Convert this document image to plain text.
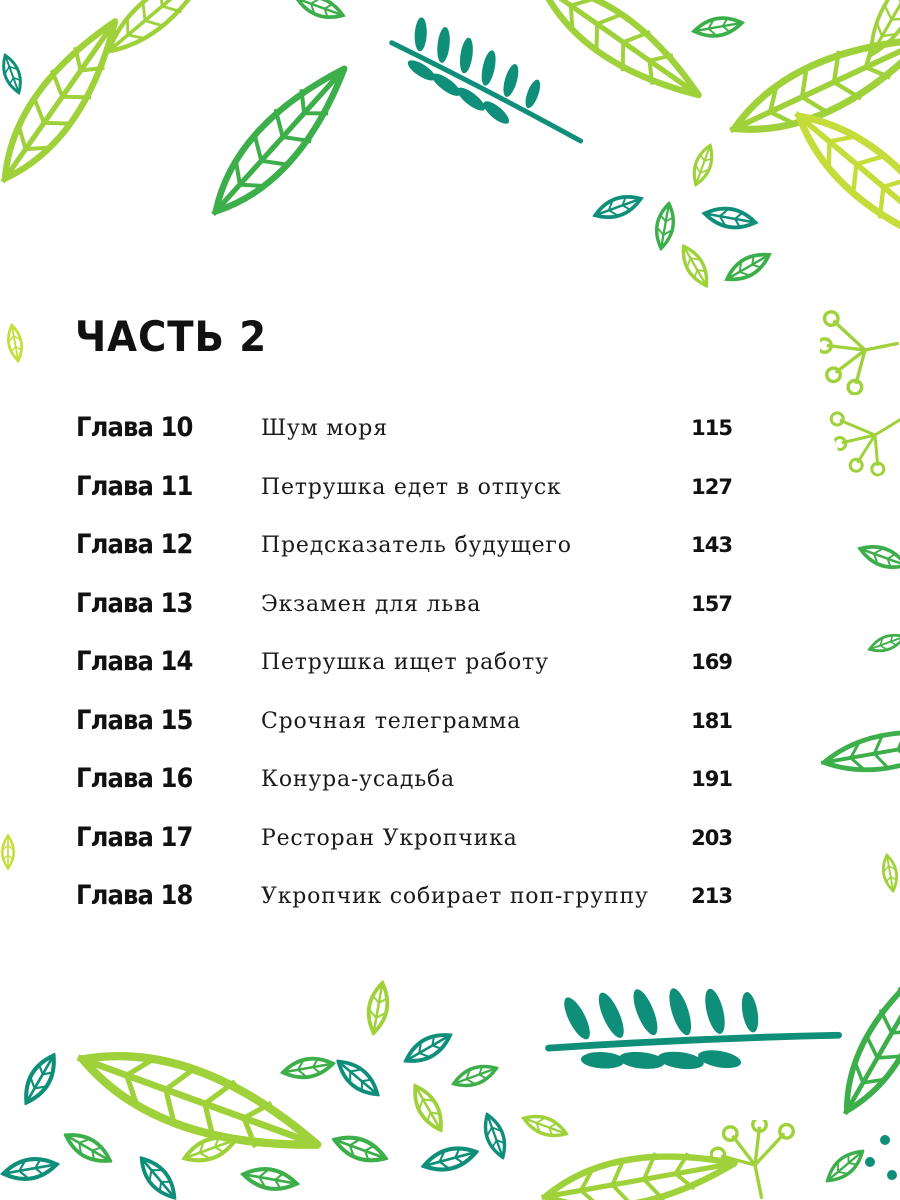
ЧАСТЬ 2
Глава 10	Шум моря	115
Глава 11	Петрушка едет в отпуск	127
Глава 12	Предсказатель будущего	143
Глава 13	Экзамен для льва	157
Глава 14	Петрушка ищет работу	169
Глава 15	Срочная телеграмма	181
Глава 16	Конура-усадьба	191
Глава 17	Ресторан Укропчика	203
Глава 18	Укропчик собирает поп-группу 213
